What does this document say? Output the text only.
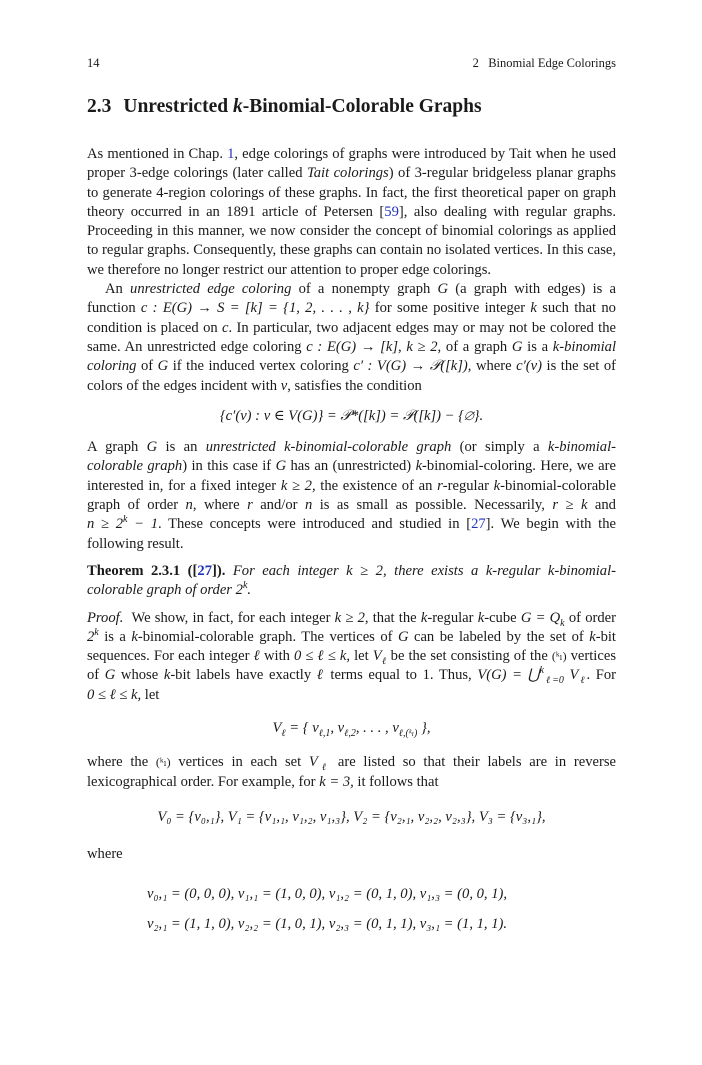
14	2   Binomial Edge Colorings
2.3 Unrestricted k-Binomial-Colorable Graphs

As mentioned in Chap. 1, edge colorings of graphs were introduced by Tait when he used proper 3-edge colorings (later called Tait colorings) of 3-regular bridgeless planar graphs to generate 4-region colorings of these graphs. In fact, the first theoretical paper on graph theory occurred in an 1891 article of Petersen [59], also dealing with regular graphs. Proceeding in this manner, we now consider the concept of binomial colorings as applied to regular graphs. Consequently, these graphs can contain no isolated vertices. In this case, we therefore no longer restrict our attention to proper edge colorings.

An unrestricted edge coloring of a nonempty graph G (a graph with edges) is a function c : E(G) → S = [k] = {1, 2, . . . , k} for some positive integer k such that no condition is placed on c. In particular, two adjacent edges may or may not be colored the same. An unrestricted edge coloring c : E(G) → [k], k ≥ 2, of a graph G is a k-binomial coloring of G if the induced vertex coloring c′ : V(G) → 𝒫([k]), where c′(v) is the set of colors of the edges incident with v, satisfies the condition

{c′(v) : v ∈ V(G)} = 𝒫*([k]) = 𝒫([k]) − {∅}.

A graph G is an unrestricted k-binomial-colorable graph (or simply a k-binomial-colorable graph) in this case if G has an (unrestricted) k-binomial-coloring. Here, we are interested in, for a fixed integer k ≥ 2, the existence of an r-regular k-binomial-colorable graph of order n, where r and/or n is as small as possible. Necessarily, r ≥ k and $n \ge 2^k - 1$. These concepts were introduced and studied in [27]. We begin with the following result.

Theorem 2.3.1 ([27]). For each integer k ≥ 2, there exists a k-regular k-binomial-colorable graph of order 2$^k$.

Proof. We show, in fact, for each integer k ≥ 2, that the k-regular k-cube $G = Q_k$ of order 2$^k$ is a k-binomial-colorable graph. The vertices of G can be labeled by the set of k-bit sequences. For each integer ℓ with 0 ≤ ℓ ≤ k, let $V_\ell$ be the set consisting of the (ᵏₗ) vertices of G whose k-bit labels have exactly ℓ terms equal to 1. Thus, V(G) = ⋃$^k_{\ell=0}$ $V_\ell$. For 0 ≤ ℓ ≤ k, let

$V_\ell$ = { $v_{\ell,1}$, $v_{\ell,2}$, . . . , $v_{\ell,(ᵏ_l)}$ },

where the (ᵏₗ) vertices in each set $V_\ell$ are listed so that their labels are in reverse lexicographical order. For example, for k = 3, it follows that

V₀ = {v₀,₁}, V₁ = {v₁,₁, v₁,₂, v₁,₃}, V₂ = {v₂,₁, v₂,₂, v₂,₃}, V₃ = {v₃,₁},

where

v₀,₁ = (0, 0, 0), v₁,₁ = (1, 0, 0), v₁,₂ = (0, 1, 0), v₁,₃ = (0, 0, 1),
v₂,₁ = (1, 1, 0), v₂,₂ = (1, 0, 1), v₂,₃ = (0, 1, 1), v₃,₁ = (1, 1, 1).
